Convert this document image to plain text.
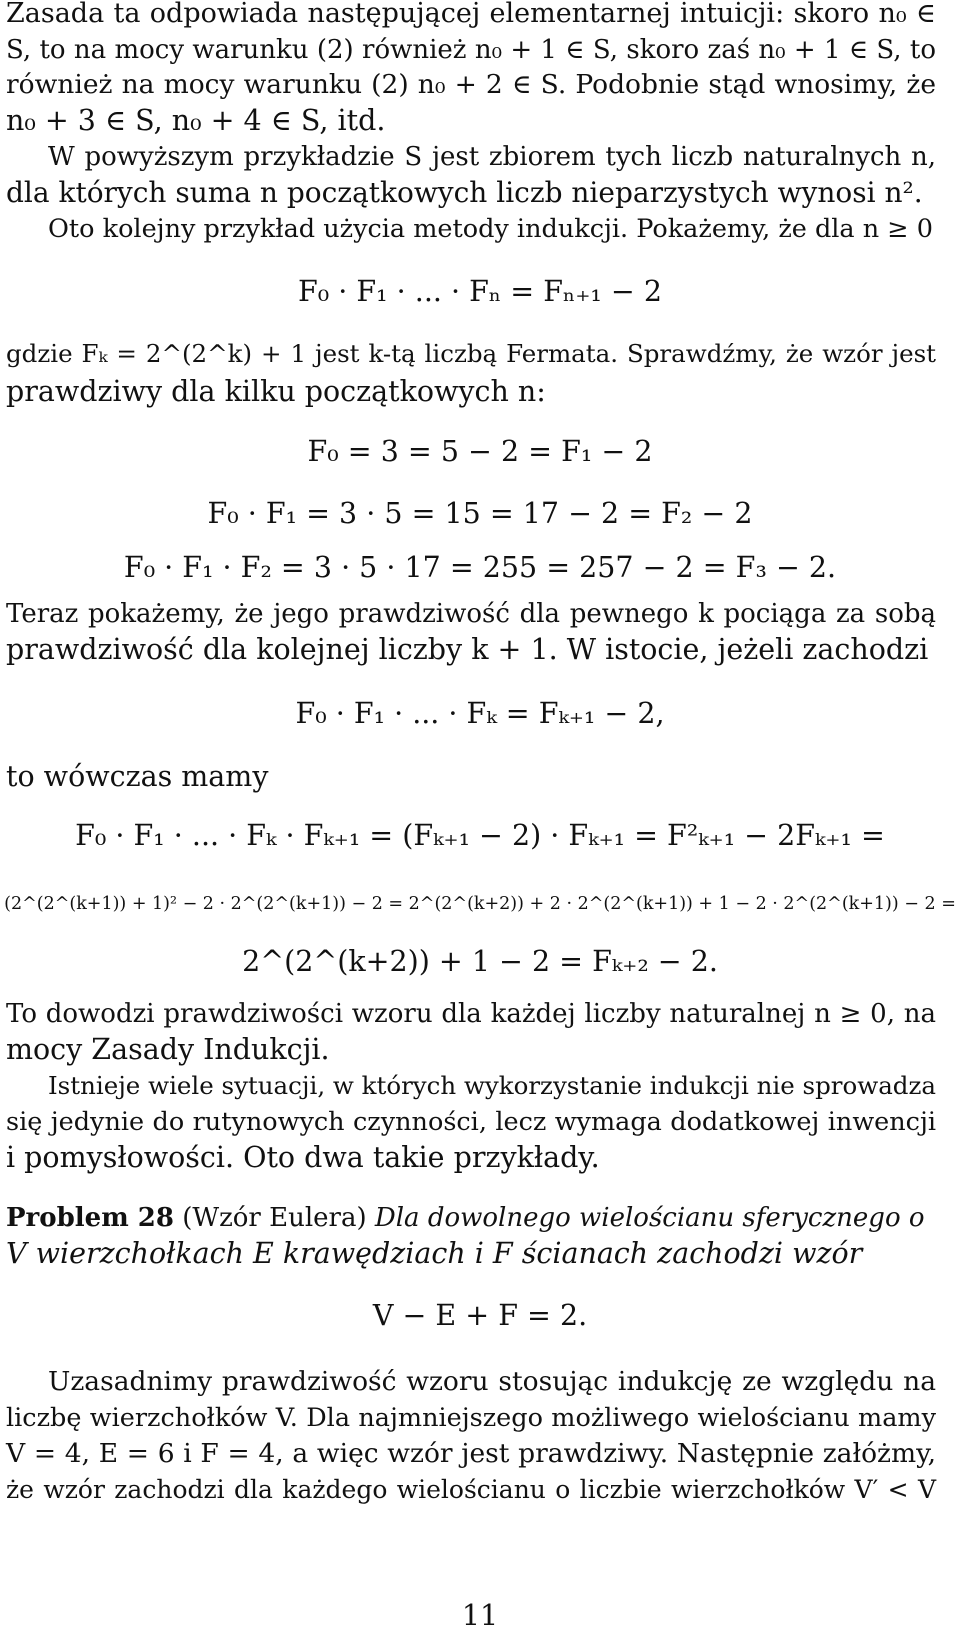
Zasada ta odpowiada następującej elementarnej intuicji: skoro n₀ ∈
S, to na mocy warunku (2) również n₀ + 1 ∈ S, skoro zaś n₀ + 1 ∈ S, to
również na mocy warunku (2) n₀ + 2 ∈ S. Podobnie stąd wnosimy, że
n₀ + 3 ∈ S, n₀ + 4 ∈ S, itd.
W powyższym przykładzie S jest zbiorem tych liczb naturalnych n,
dla których suma n początkowych liczb nieparzystych wynosi n².
Oto kolejny przykład użycia metody indukcji. Pokażemy, że dla n ≥ 0
F₀ · F₁ · ... · Fₙ = Fₙ₊₁ − 2
gdzie Fₖ = 2^(2^k) + 1 jest k-tą liczbą Fermata. Sprawdźmy, że wzór jest
prawdziwy dla kilku początkowych n:
F₀ = 3 = 5 − 2 = F₁ − 2
F₀ · F₁ = 3 · 5 = 15 = 17 − 2 = F₂ − 2
F₀ · F₁ · F₂ = 3 · 5 · 17 = 255 = 257 − 2 = F₃ − 2.
Teraz pokażemy, że jego prawdziwość dla pewnego k pociąga za sobą
prawdziwość dla kolejnej liczby k + 1. W istocie, jeżeli zachodzi
F₀ · F₁ · ... · Fₖ = Fₖ₊₁ − 2,
to wówczas mamy
F₀ · F₁ · ... · Fₖ · Fₖ₊₁ = (Fₖ₊₁ − 2) · Fₖ₊₁ = F²ₖ₊₁ − 2Fₖ₊₁ =
(2^(2^(k+1)) + 1)² − 2 · 2^(2^(k+1)) − 2 = 2^(2^(k+2)) + 2 · 2^(2^(k+1)) + 1 − 2 · 2^(2^(k+1)) − 2 =
2^(2^(k+2)) + 1 − 2 = Fₖ₊₂ − 2.
To dowodzi prawdziwości wzoru dla każdej liczby naturalnej n ≥ 0, na
mocy Zasady Indukcji.
Istnieje wiele sytuacji, w których wykorzystanie indukcji nie sprowadza
się jedynie do rutynowych czynności, lecz wymaga dodatkowej inwencji
i pomysłowości. Oto dwa takie przykłady.
Problem 28 (Wzór Eulera) Dla dowolnego wielościanu sferycznego o
V wierzchołkach E krawędziach i F ścianach zachodzi wzór
V − E + F = 2.
Uzasadnimy prawdziwość wzoru stosując indukcję ze względu na
liczbę wierzchołków V. Dla najmniejszego możliwego wielościanu mamy
V = 4, E = 6 i F = 4, a więc wzór jest prawdziwy. Następnie załóżmy,
że wzór zachodzi dla każdego wielościanu o liczbie wierzchołków V′ < V
11
